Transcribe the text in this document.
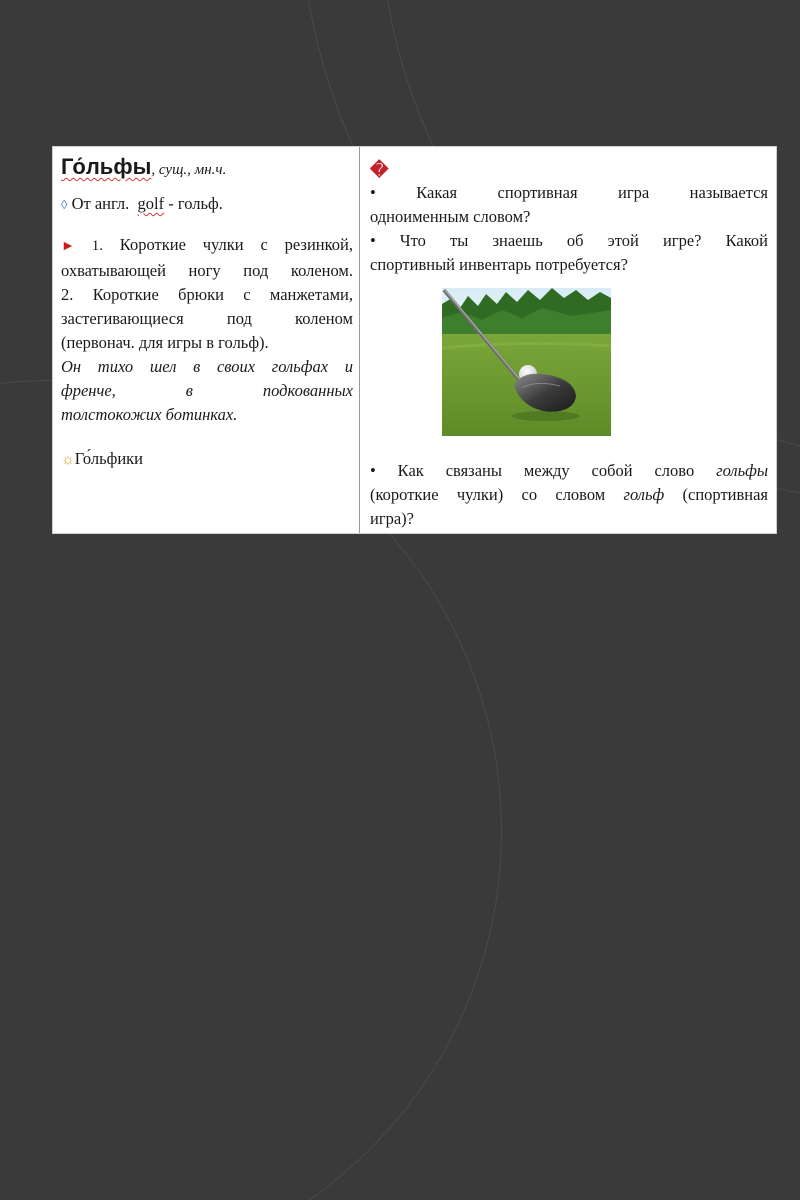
Го́льфы, сущ., мн.ч.

◊ От англ. golf - гольф.

► 1. Короткие чулки с резинкой,

охватывающей ногу под коленом.

2. Короткие брюки с манжетами,

застегивающиеся под коленом

(первонач. для игры в гольф).

Он тихо шел в своих гольфах и

френче, в подкованных

толстокожих ботинках.

☼Го́льфики

�

• Какая спортивная игра называется

одноименным словом?

• Что ты знаешь об этой игре? Какой

спортивный инвентарь потребуется?

• Как связаны между собой слово гольфы

(короткие чулки) со словом гольф (спортивная

игра)?
